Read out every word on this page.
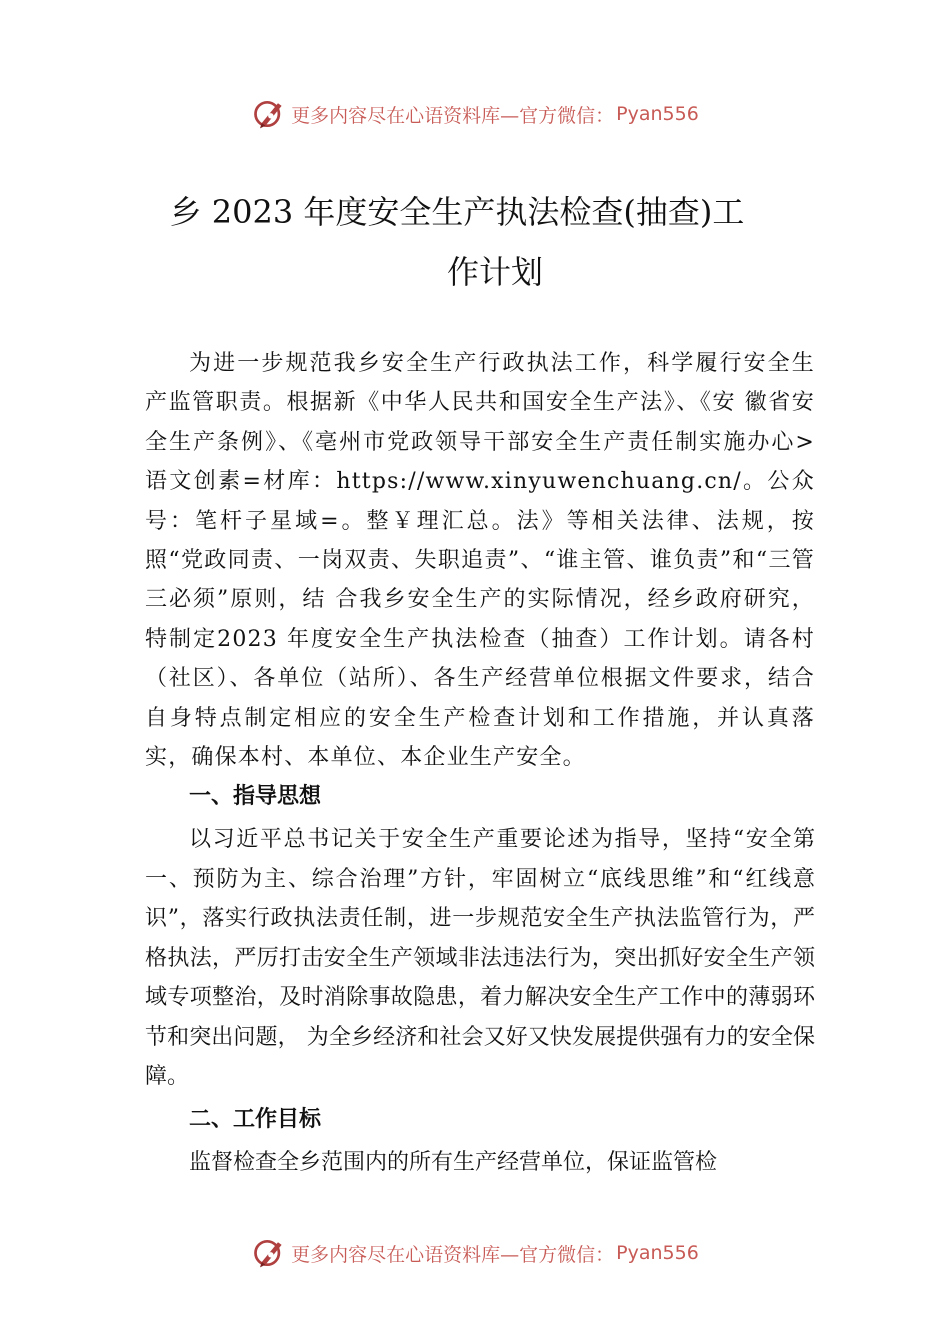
更多内容尽在心语资料库—官方微信： Pyan556
乡 2023 年度安全生产执法检查(抽查)工
作计划

为进一步规范我乡安全生产行政执法工作，科学履行安全生产监管职责。根据新《中华人民共和国安全生产法》、《安 徽省安全生产条例》、《亳州市党政领导干部安全生产责任制实施办心>语文创素=材库：https://www.xinyuwenchuang.cn/。公众号：笔杆子星域=。整￥理汇总。法》等相关法律、法规，按照“党政同责、一岗双责、失职追责”、“谁主管、谁负责”和“三管三必须”原则，结 合我乡安全生产的实际情况，经乡政府研究，特制定2023 年度安全生产执法检查（抽查）工作计划。请各村（社区）、各单位（站所）、各生产经营单位根据文件要求，结合自身特点制定相应的安全生产检查计划和工作措施，并认真落实，确保本村、本单位、本企业生产安全。

一、指导思想

以习近平总书记关于安全生产重要论述为指导，坚持“安全第一、预防为主、综合治理”方针，牢固树立“底线思维”和“红线意识”，落实行政执法责任制，进一步规范安全生产执法监管行为，严格执法，严厉打击安全生产领域非法违法行为，突出抓好安全生产领域专项整治，及时消除事故隐患，着力解决安全生产工作中的薄弱环节和突出问题， 为全乡经济和社会又好又快发展提供强有力的安全保障。

二、工作目标

监督检查全乡范围内的所有生产经营单位，保证监管检

更多内容尽在心语资料库—官方微信： Pyan556
